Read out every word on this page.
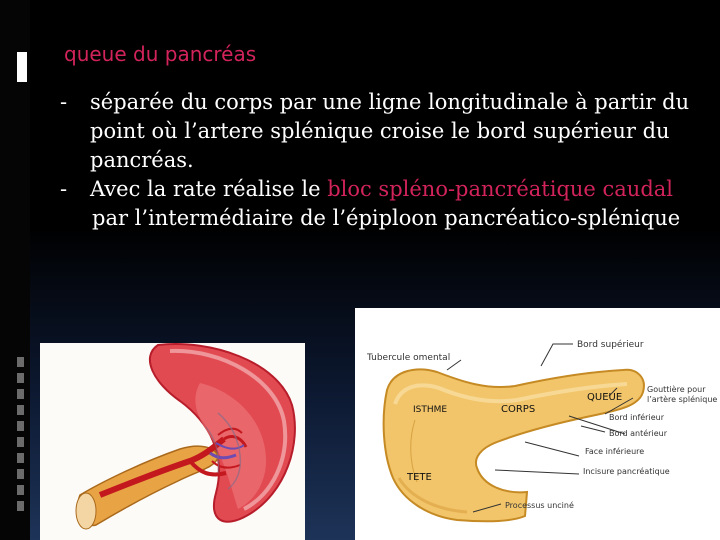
queue du pancréas
- séparée du corps par une ligne longitudinale à partir du point où l’artere splénique croise le bord supérieur du pancréas.
- Avec la rate réalise le bloc spléno-pancréatique caudal
par l’intermédiaire de l’épiploon pancréatico-splénique
Tubercule omental
Bord supérieur
Gouttière pour
l’artère splénique
QUEUE
ISTHME	CORPS
Bord inférieur
Bord antérieur
Face inférieure
TETE
Incisure pancréatique
Processus unciné
